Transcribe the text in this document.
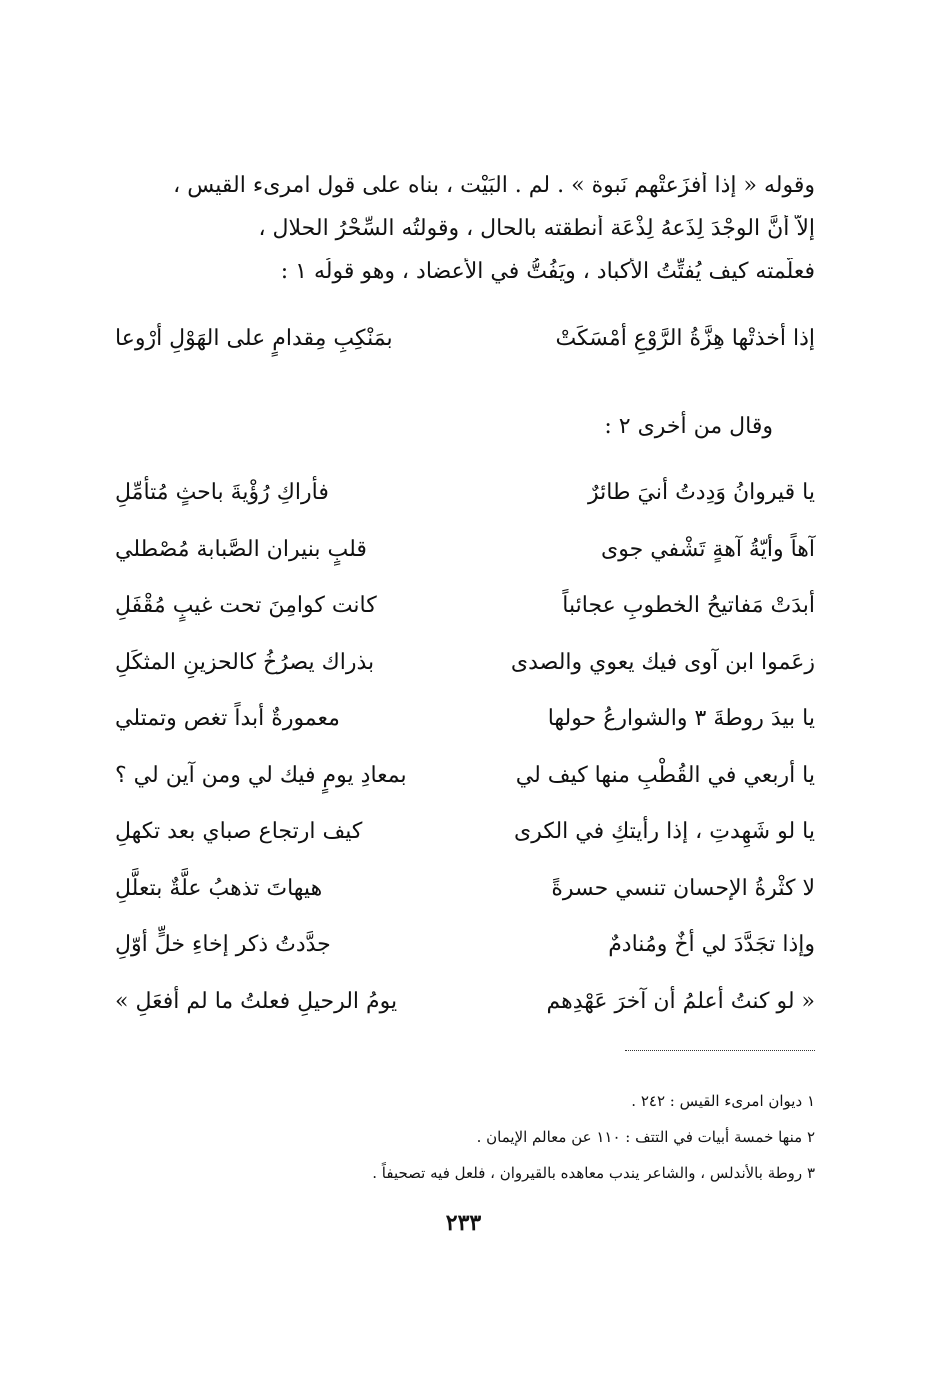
وقوله « إذا أفزَعتْهم نَبوة » . لم . البَيْت ، بناه على قول امرىء القيس ،
إلاّ أنَّ الوجْدَ لِذَعهُ لِذْعَة أنطقته بالحال ، وقولتُه السِّحْرُ الحلال ،
فعلَّمته كيف يُفتِّتُ الأكباد ، ويَفُتُّ في الأعضاد ، وهو قولُه ١ :
إذا أخذتْها هِزَّةُ الرَّوْعِ أمْسَكَتْ
بمَنْكِبِ مِقدامٍ على الهَوْلِ أرْوعا
وقال من أخرى ٢ :
يا قيروانُ وَدِدتُ أنيَ طائرٌ
فأراكِ رُؤْيةَ باحثٍ مُتأمِّلِ
آهاً وأيّةُ آهةٍ تَشْفي جوى
قلبٍ بنيران الصَّبابة مُصْطلي
أبدَتْ مَفاتيحُ الخطوبِ عجائباً
كانت كوامِنَ تحت غيبٍ مُقْفَلِ
زعَموا ابن آوى فيك يعوي والصدى
بذراك يصرُخُ كالحزينِ المثكَلِ
يا بيدَ روطةَ ٣ والشوارعُ حولها
معمورةٌ أبداً تغص وتمتلي
يا أربعي في القُطْبِ منها كيف لي
بمعادِ يومٍ فيك لي ومن آين لي ؟
يا لو شَهِدتِ ، إذا رأيتكِ في الكرى
كيف ارتجاع صباي بعد تكهلِ
لا كثْرةُ الإحسان تنسي حسرةً
هيهاتَ تذهبُ علَّةٌ بتعلَّلِ
وإذا تجَدَّدَ لي أخٌ ومُنادمٌ
جدَّدتُ ذكر إخاءِ خلٍّ أوّلِ
« لو كنتُ أعلمُ أن آخرَ عَهْدِهم
يومُ الرحيلِ فعلتُ ما لم أفعَلِ »
١ ديوان امرىء القيس : ٢٤٢ .
٢ منها خمسة أبيات في التتف : ١١٠ عن معالم الإيمان .
٣ روطة بالأندلس ، والشاعر يندب معاهده بالقيروان ، فلعل فيه تصحيفاً .
٢٣٣
